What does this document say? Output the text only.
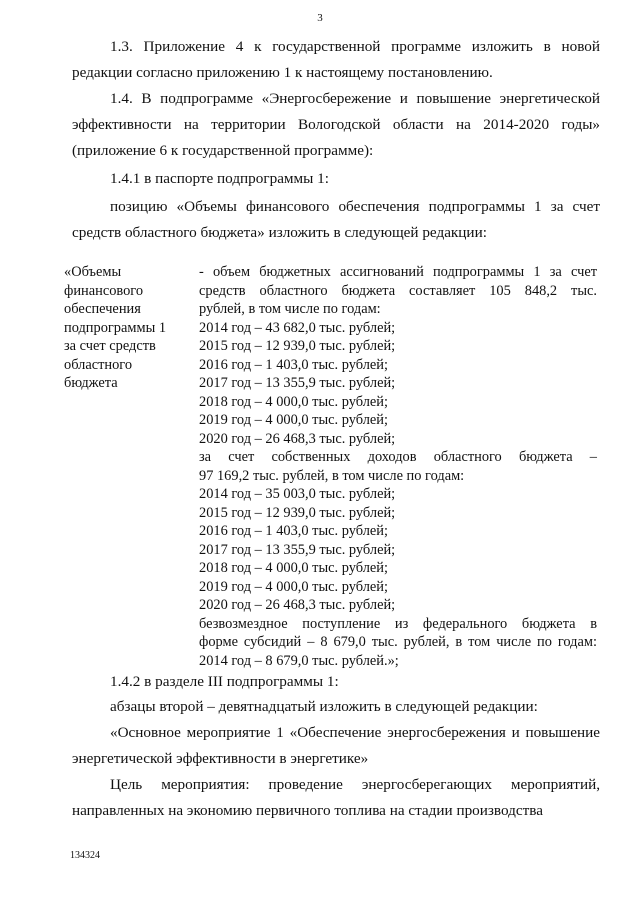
3

1.3. Приложение 4 к государственной программе изложить в новой редакции согласно приложению 1 к настоящему постановлению.

1.4. В подпрограмме «Энергосбережение и повышение энергетической эффективности на территории Вологодской области на 2014-2020 годы» (приложение 6 к государственной программе):

1.4.1 в паспорте подпрограммы 1:

позицию «Объемы финансового обеспечения подпрограммы 1 за счет средств областного бюджета» изложить в следующей редакции:

«Объемы
финансового
обеспечения
подпрограммы 1
за счет средств
областного
бюджета
- объем бюджетных ассигнований подпрограммы 1 за счет
средств областного бюджета составляет 105 848,2 тыс.
рублей, в том числе по годам:
2014 год – 43 682,0 тыс. рублей;
2015 год – 12 939,0 тыс. рублей;
2016 год – 1 403,0 тыс. рублей;
2017 год – 13 355,9 тыс. рублей;
2018 год – 4 000,0 тыс. рублей;
2019 год – 4 000,0 тыс. рублей;
2020 год – 26 468,3 тыс. рублей;
за счет собственных доходов областного бюджета –
97 169,2 тыс. рублей, в том числе по годам:
2014 год – 35 003,0 тыс. рублей;
2015 год – 12 939,0 тыс. рублей;
2016 год – 1 403,0 тыс. рублей;
2017 год – 13 355,9 тыс. рублей;
2018 год – 4 000,0 тыс. рублей;
2019 год – 4 000,0 тыс. рублей;
2020 год – 26 468,3 тыс. рублей;
безвозмездное поступление из федерального бюджета в
форме субсидий – 8 679,0 тыс. рублей, в том числе по годам:
2014 год – 8 679,0 тыс. рублей.»;

1.4.2 в разделе III подпрограммы 1:

абзацы второй – девятнадцатый изложить в следующей редакции:

«Основное мероприятие 1 «Обеспечение энергосбережения и повышение энергетической эффективности в энергетике»

Цель мероприятия: проведение энергосберегающих мероприятий, направленных на экономию первичного топлива на стадии производства

134324
